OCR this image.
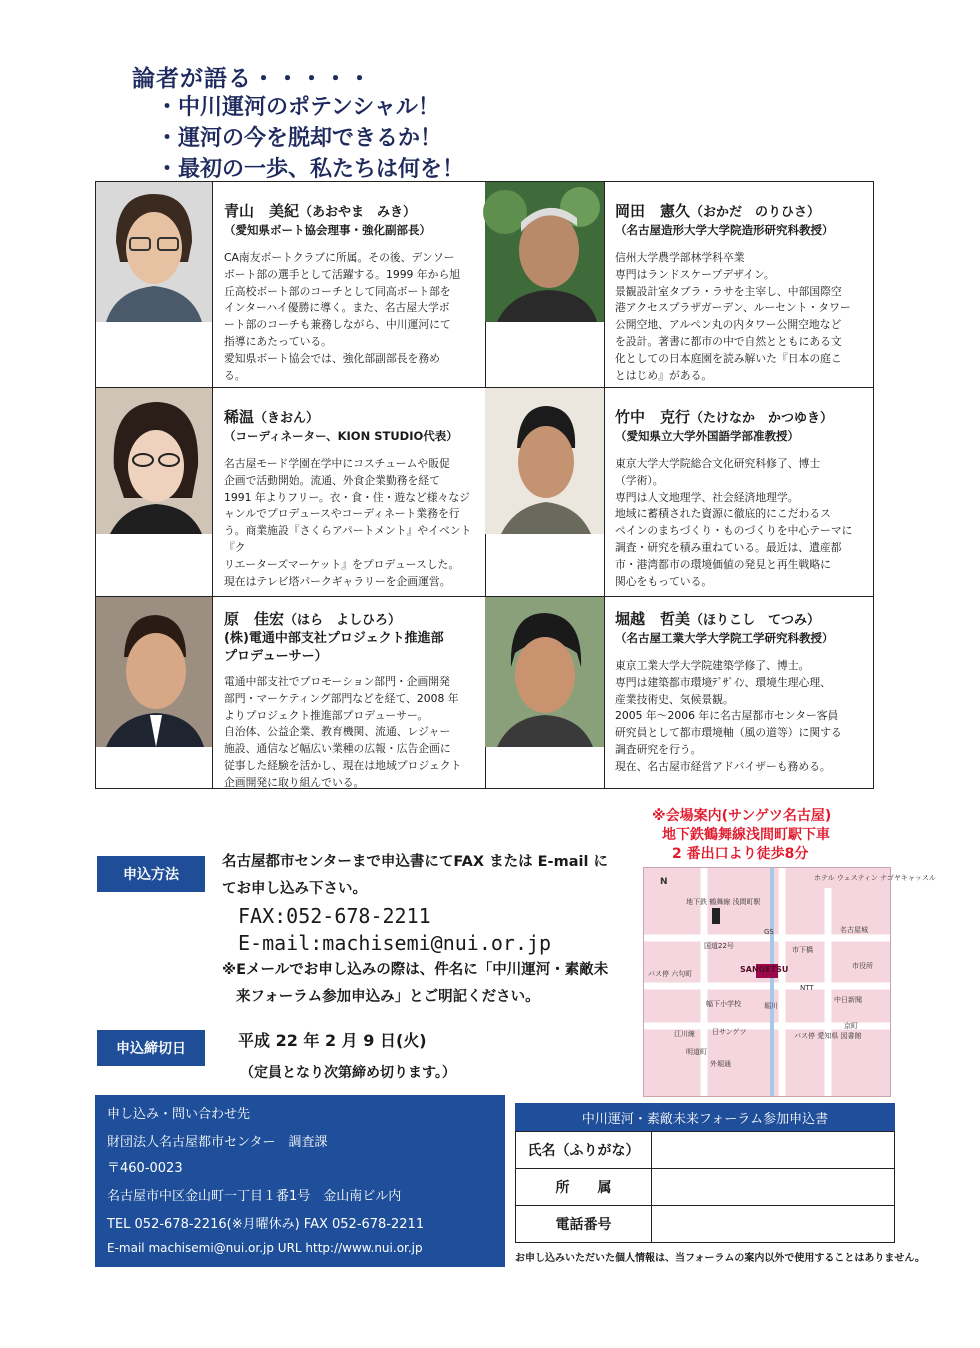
論者が語る・・・・・
・中川運河のポテンシャル！
・運河の今を脱却できるか！
・最初の一歩、私たちは何を！
青山　美紀（あおやま　みき）
（愛知県ボート協会理事・強化副部長）
CA南友ボートクラブに所属。その後、デンソー
ボート部の選手として活躍する。1999 年から旭
丘高校ボート部のコーチとして同高ボート部を
インターハイ優勝に導く。また、名古屋大学ボ
ート部のコーチも兼務しながら、中川運河にて
指導にあたっている。
愛知県ボート協会では、強化部副部長を務め
る。
岡田　憲久（おかだ　のりひさ）
（名古屋造形大学大学院造形研究科教授）
信州大学農学部林学科卒業
専門はランドスケープデザイン。
景観設計室タブラ・ラサを主宰し、中部国際空
港アクセスプラザガーデン、ルーセント・タワー
公開空地、アルペン丸の内タワー公開空地など
を設計。著書に都市の中で自然とともにある文
化としての日本庭園を読み解いた『日本の庭こ
とはじめ』がある。
稀温（きおん）
（コーディネーター、KION STUDIO代表）
名古屋モード学園在学中にコスチュームや販促
企画で活動開始。流通、外食企業勤務を経て
1991 年よりフリー。衣・食・住・遊など様々なジ
ャンルでプロデュースやコーディネート業務を行
う。商業施設『さくらアパートメント』やイベント『ク
リエーターズマーケット』をプロデュースした。
現在はテレビ塔パークギャラリーを企画運営。
竹中　克行（たけなか　かつゆき）
（愛知県立大学外国語学部准教授）
東京大学大学院総合文化研究科修了、博士
（学術）。
専門は人文地理学、社会経済地理学。
地域に蓄積された資源に徹底的にこだわるス
ペインのまちづくり・ものづくりを中心テーマに
調査・研究を積み重ねている。最近は、遺産都
市・港湾都市の環境価値の発見と再生戦略に
関心をもっている。
原　佳宏（はら　よしひろ）
(株)電通中部支社プロジェクト推進部
プロデューサー）
電通中部支社でプロモーション部門・企画開発
部門・マーケティング部門などを経て、2008 年
よりプロジェクト推進部プロデューサー。
自治体、公益企業、教育機関、流通、レジャー
施設、通信など幅広い業種の広報・広告企画に
従事した経験を活かし、現在は地域プロジェクト
企画開発に取り組んでいる。
堀越　哲美（ほりこし　てつみ）
（名古屋工業大学大学院工学研究科教授）
東京工業大学大学院建築学修了、博士。
専門は建築都市環境ﾃﾞｻﾞｲﾝ、環境生理心理、
産業技術史、気候景観。
2005 年～2006 年に名古屋都市センター客員
研究員として都市環境軸（風の道等）に関する
調査研究を行う。
現在、名古屋市経営アドバイザーも務める。
申込方法
名古屋都市センターまで申込書にてFAX または E-mail に
てお申し込み下さい。
FAX:052-678-2211
E-mail:machisemi@nui.or.jp
※Eメールでお申し込みの際は、件名に「中川運河・素敵未
来フォーラム参加申込み」とご明記ください。
申込締切日	平成 22 年 2 月 9 日(火)
（定員となり次第締め切ります。）
※会場案内(サンゲツ名古屋)
地下鉄鶴舞線浅間町駅下車
2 番出口より徒歩8分
N	ホテル ウェスティン ナゴヤキャッスル
地下鉄 鶴舞線 浅間町駅
国道22号
GS
市下橋
名古屋城
バス停 六句町	SANGETSU
NTT
市役所
幅下小学校	堀川
中日新聞
日サンゲツ
江川線
明道町
バス停 愛知県 図書館
京町
外堀通
申し込み・問い合わせ先
財団法人名古屋都市センター　調査課
〒460-0023
名古屋市中区金山町一丁目１番1号　金山南ビル内
TEL 052-678-2216(※月曜休み) FAX 052-678-2211
E-mail machisemi@nui.or.jp URL http://www.nui.or.jp
中川運河・素敵未来フォーラム参加申込書
氏名（ふりがな）	
所　　属	
電話番号	
お申し込みいただいた個人情報は、当フォーラムの案内以外で使用することはありません。
